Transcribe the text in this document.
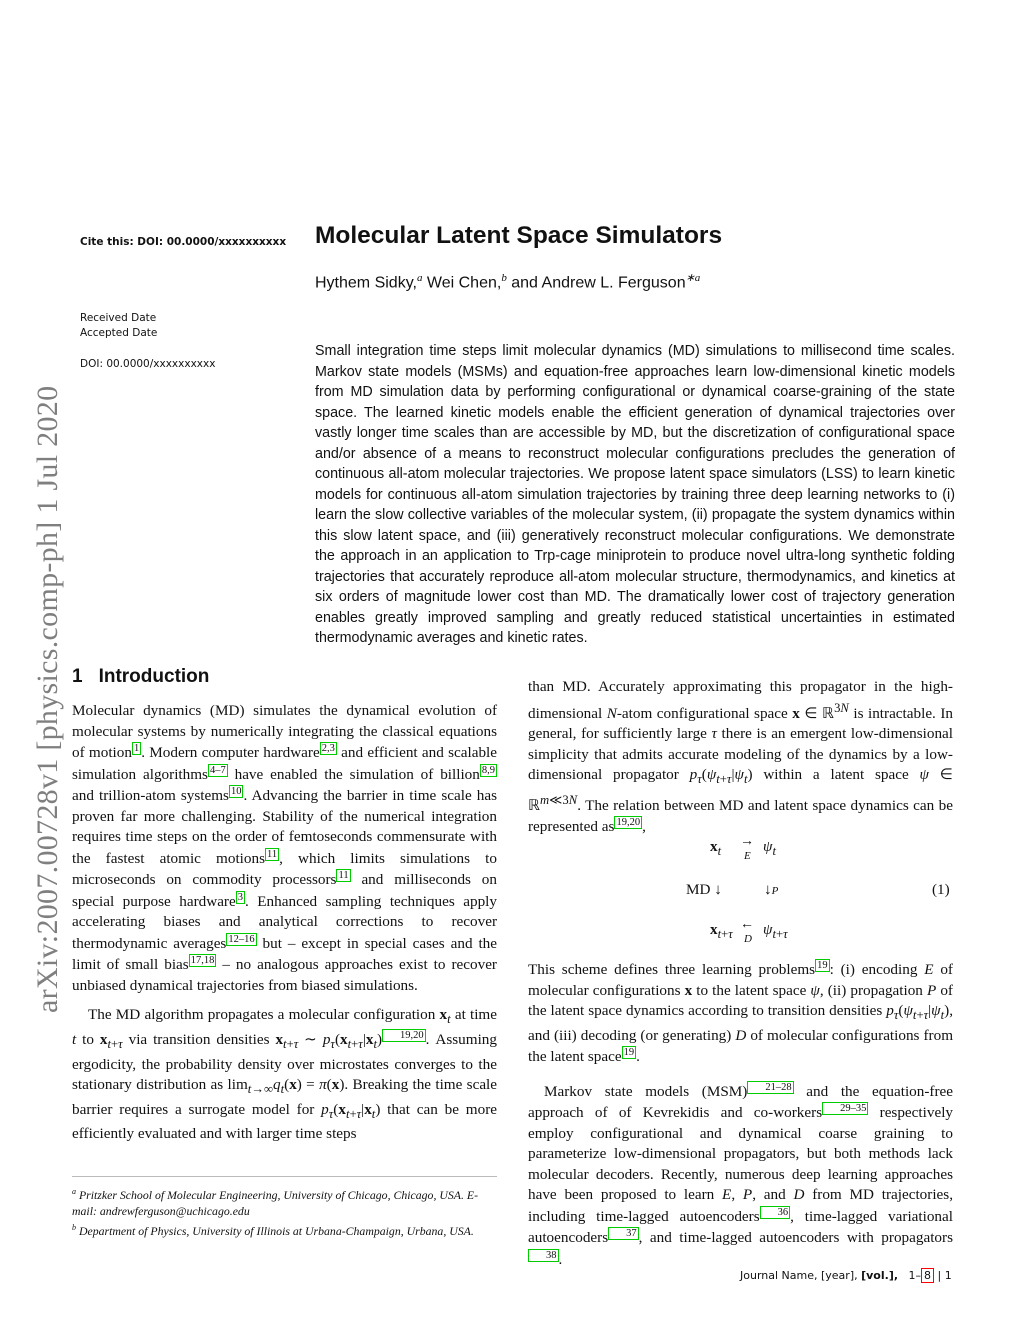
Cite this: DOI: 00.0000/xxxxxxxxxx
Received Date
Accepted Date
DOI: 00.0000/xxxxxxxxxx
arXiv:2007.00728v1 [physics.comp-ph] 1 Jul 2020
Molecular Latent Space Simulators
Hythem Sidky,$^a$ Wei Chen,$^b$ and Andrew L. Ferguson$^{∗a}$
Small integration time steps limit molecular dynamics (MD) simulations to millisecond time scales. Markov state models (MSMs) and equation-free approaches learn low-dimensional kinetic models from MD simulation data by performing configurational or dynamical coarse-graining of the state space. The learned kinetic models enable the efficient generation of dynamical trajectories over vastly longer time scales than are accessible by MD, but the discretization of configurational space and/or absence of a means to reconstruct molecular configurations precludes the generation of continuous all-atom molecular trajectories. We propose latent space simulators (LSS) to learn kinetic models for continuous all-atom simulation trajectories by training three deep learning networks to (i) learn the slow collective variables of the molecular system, (ii) propagate the system dynamics within this slow latent space, and (iii) generatively reconstruct molecular configurations. We demonstrate the approach in an application to Trp-cage miniprotein to produce novel ultra-long synthetic folding trajectories that accurately reproduce all-atom molecular structure, thermodynamics, and kinetics at six orders of magnitude lower cost than MD. The dramatically lower cost of trajectory generation enables greatly improved sampling and greatly reduced statistical uncertainties in estimated thermodynamic averages and kinetic rates.
1 Introduction

Molecular dynamics (MD) simulates the dynamical evolution of molecular systems by numerically integrating the classical equations of motion 1 . Modern computer hardware 2,3 and efficient and scalable simulation algorithms 4–7 have enabled the simulation of billion 8,9 and trillion-atom systems 10 . Advancing the barrier in time scale has proven far more challenging. Stability of the numerical integration requires time steps on the order of femtoseconds commensurate with the fastest atomic motions 11 , which limits simulations to microseconds on commodity processors 11 and milliseconds on special purpose hardware 3 . Enhanced sampling techniques apply accelerating biases and analytical corrections to recover thermodynamic averages 12–16 but – except in special cases and the limit of small bias 17,18 – no analogous approaches exist to recover unbiased dynamical trajectories from biased simulations.

The MD algorithm propagates a molecular configuration $x_t$ at time t to $x_{t+\tau}$ via transition densities $x_{t+\tau}$ ∼ $p_\tau(x_{t+\tau}|x_t)$ 19,20 . Assuming ergodicity, the probability density over microstates converges to the stationary distribution as $\lim_{t\to\infty}q_t(x) = \pi(x)$. Breaking the time scale barrier requires a surrogate model for $p_\tau(x_{t+\tau}|x_t)$ that can be more efficiently evaluated and with larger time steps

$^a$ Pritzker School of Molecular Engineering, University of Chicago, Chicago, USA. E-mail: andrewferguson@uchicago.edu

$^b$ Department of Physics, University of Illinois at Urbana-Champaign, Urbana, USA.

than MD. Accurately approximating this propagator in the high-dimensional N-atom configurational space x ∈ ℝ$^{3N}$ is intractable. In general, for sufficiently large τ there is an emergent low-dimensional simplicity that admits accurate modeling of the dynamics by a low-dimensional propagator $p_\tau(\psi_{t+\tau}|\psi_t)$ within a latent space ψ ∈ ℝ$^{m≪3N}$. The relation between MD and latent space dynamics can be represented as 19,20 ,

$x_t$
→
E
$\psi_t$
MD ↓	↓P	(1)
$x_{t+\tau}$
←
D
$\psi_{t+\tau}$

This scheme defines three learning problems 19 : (i) encoding E of molecular configurations x to the latent space ψ, (ii) propagation P of the latent space dynamics according to transition densities $p_\tau(\psi_{t+\tau}|\psi_t)$, and (iii) decoding (or generating) D of molecular configurations from the latent space 19 .

Markov state models (MSM) 21–28 and the equation-free approach of of Kevrekidis and co-workers 29–35 respectively employ configurational and dynamical coarse graining to parameterize low-dimensional propagators, but both methods lack molecular decoders. Recently, numerous deep learning approaches have been proposed to learn E, P, and D from MD trajectories, including time-lagged autoencoders 36 , time-lagged variational autoencoders 37 , and time-lagged autoencoders with propagators38 .

Journal Name, [year], [vol.], 1– 8 | 1
